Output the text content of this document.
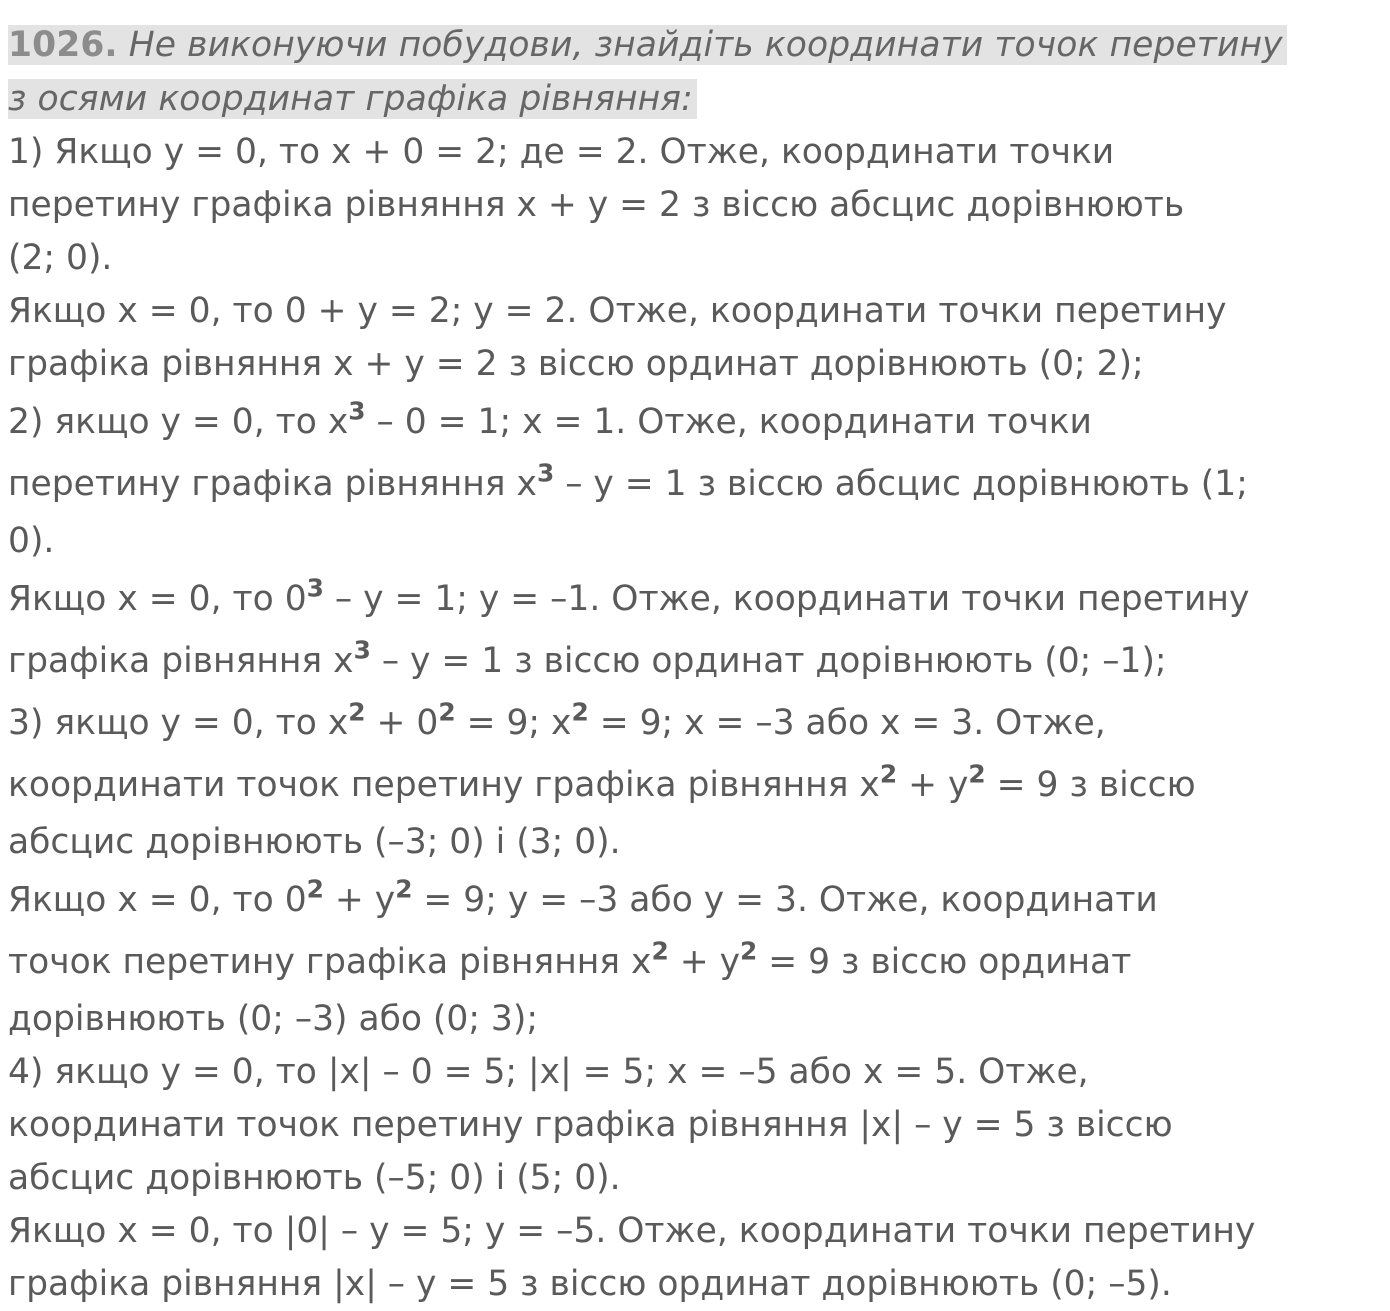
1026. Не виконуючи побудови, знайдіть координати точок перетину
з осями координат графіка рівняння:
1) Якщо y = 0, то x + 0 = 2; де = 2. Отже, координати точки
перетину графіка рівняння x + y = 2 з віссю абсцис дорівнюють
(2; 0).
Якщо x = 0, то 0 + y = 2; y = 2. Отже, координати точки перетину
графіка рівняння x + y = 2 з віссю ординат дорівнюють (0; 2);
2) якщо y = 0, то $x^3 - 0 = 1$; x = 1. Отже, координати точки
перетину графіка рівняння $x^3 - y = 1$ з віссю абсцис дорівнюють (1;
0).
Якщо x = 0, то $0^3 - y = 1$; y = –1. Отже, координати точки перетину
графіка рівняння $x^3 - y = 1$ з віссю ординат дорівнюють (0; –1);
3) якщо y = 0, то $x^2 + 0^2 = 9$; $x^2 = 9$; x = –3 або x = 3. Отже,
координати точок перетину графіка рівняння $x^2 + y^2 = 9$ з віссю
абсцис дорівнюють (–3; 0) і (3; 0).
Якщо x = 0, то $0^2 + y^2 = 9$; y = –3 або y = 3. Отже, координати
точок перетину графіка рівняння $x^2 + y^2 = 9$ з віссю ординат
дорівнюють (0; –3) або (0; 3);
4) якщо y = 0, то |x| – 0 = 5; |x| = 5; x = –5 або x = 5. Отже,
координати точок перетину графіка рівняння |x| – y = 5 з віссю
абсцис дорівнюють (–5; 0) і (5; 0).
Якщо x = 0, то |0| – y = 5; y = –5. Отже, координати точки перетину
графіка рівняння |x| – y = 5 з віссю ординат дорівнюють (0; –5).
